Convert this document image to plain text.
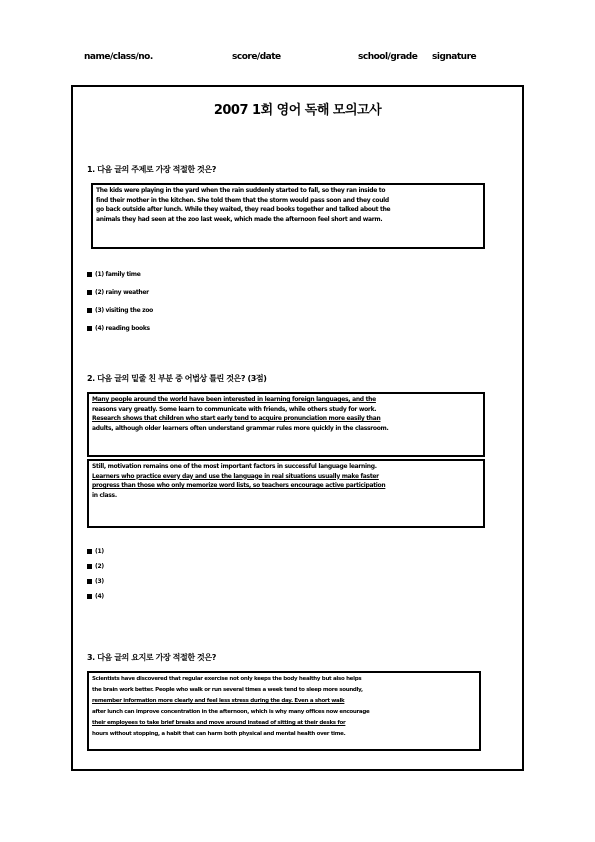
name/class/no.	score/date	school/grade signature
2007 1회 영어 독해 모의고사
1. 다음 글의 주제로 가장 적절한 것은?

The kids were playing in the yard when the rain suddenly started to fall, so they ran inside to

find their mother in the kitchen. She told them that the storm would pass soon and they could

go back outside after lunch. While they waited, they read books together and talked about the

animals they had seen at the zoo last week, which made the afternoon feel short and warm.

(1) family time
(2) rainy weather
(3) visiting the zoo
(4) reading books
2. 다음 글의 밑줄 친 부분 중 어법상 틀린 것은? (3점)

Many people around the world have been interested in learning foreign languages, and the

reasons vary greatly. Some learn to communicate with friends, while others study for work.

Research shows that children who start early tend to acquire pronunciation more easily than

adults, although older learners often understand grammar rules more quickly in the classroom.

Still, motivation remains one of the most important factors in successful language learning.

Learners who practice every day and use the language in real situations usually make faster

progress than those who only memorize word lists, so teachers encourage active participation

in class.

(1)
(2)
(3)
(4)
3. 다음 글의 요지로 가장 적절한 것은?

Scientists have discovered that regular exercise not only keeps the body healthy but also helps

the brain work better. People who walk or run several times a week tend to sleep more soundly,

remember information more clearly and feel less stress during the day. Even a short walk

after lunch can improve concentration in the afternoon, which is why many offices now encourage

their employees to take brief breaks and move around instead of sitting at their desks for

hours without stopping, a habit that can harm both physical and mental health over time.
